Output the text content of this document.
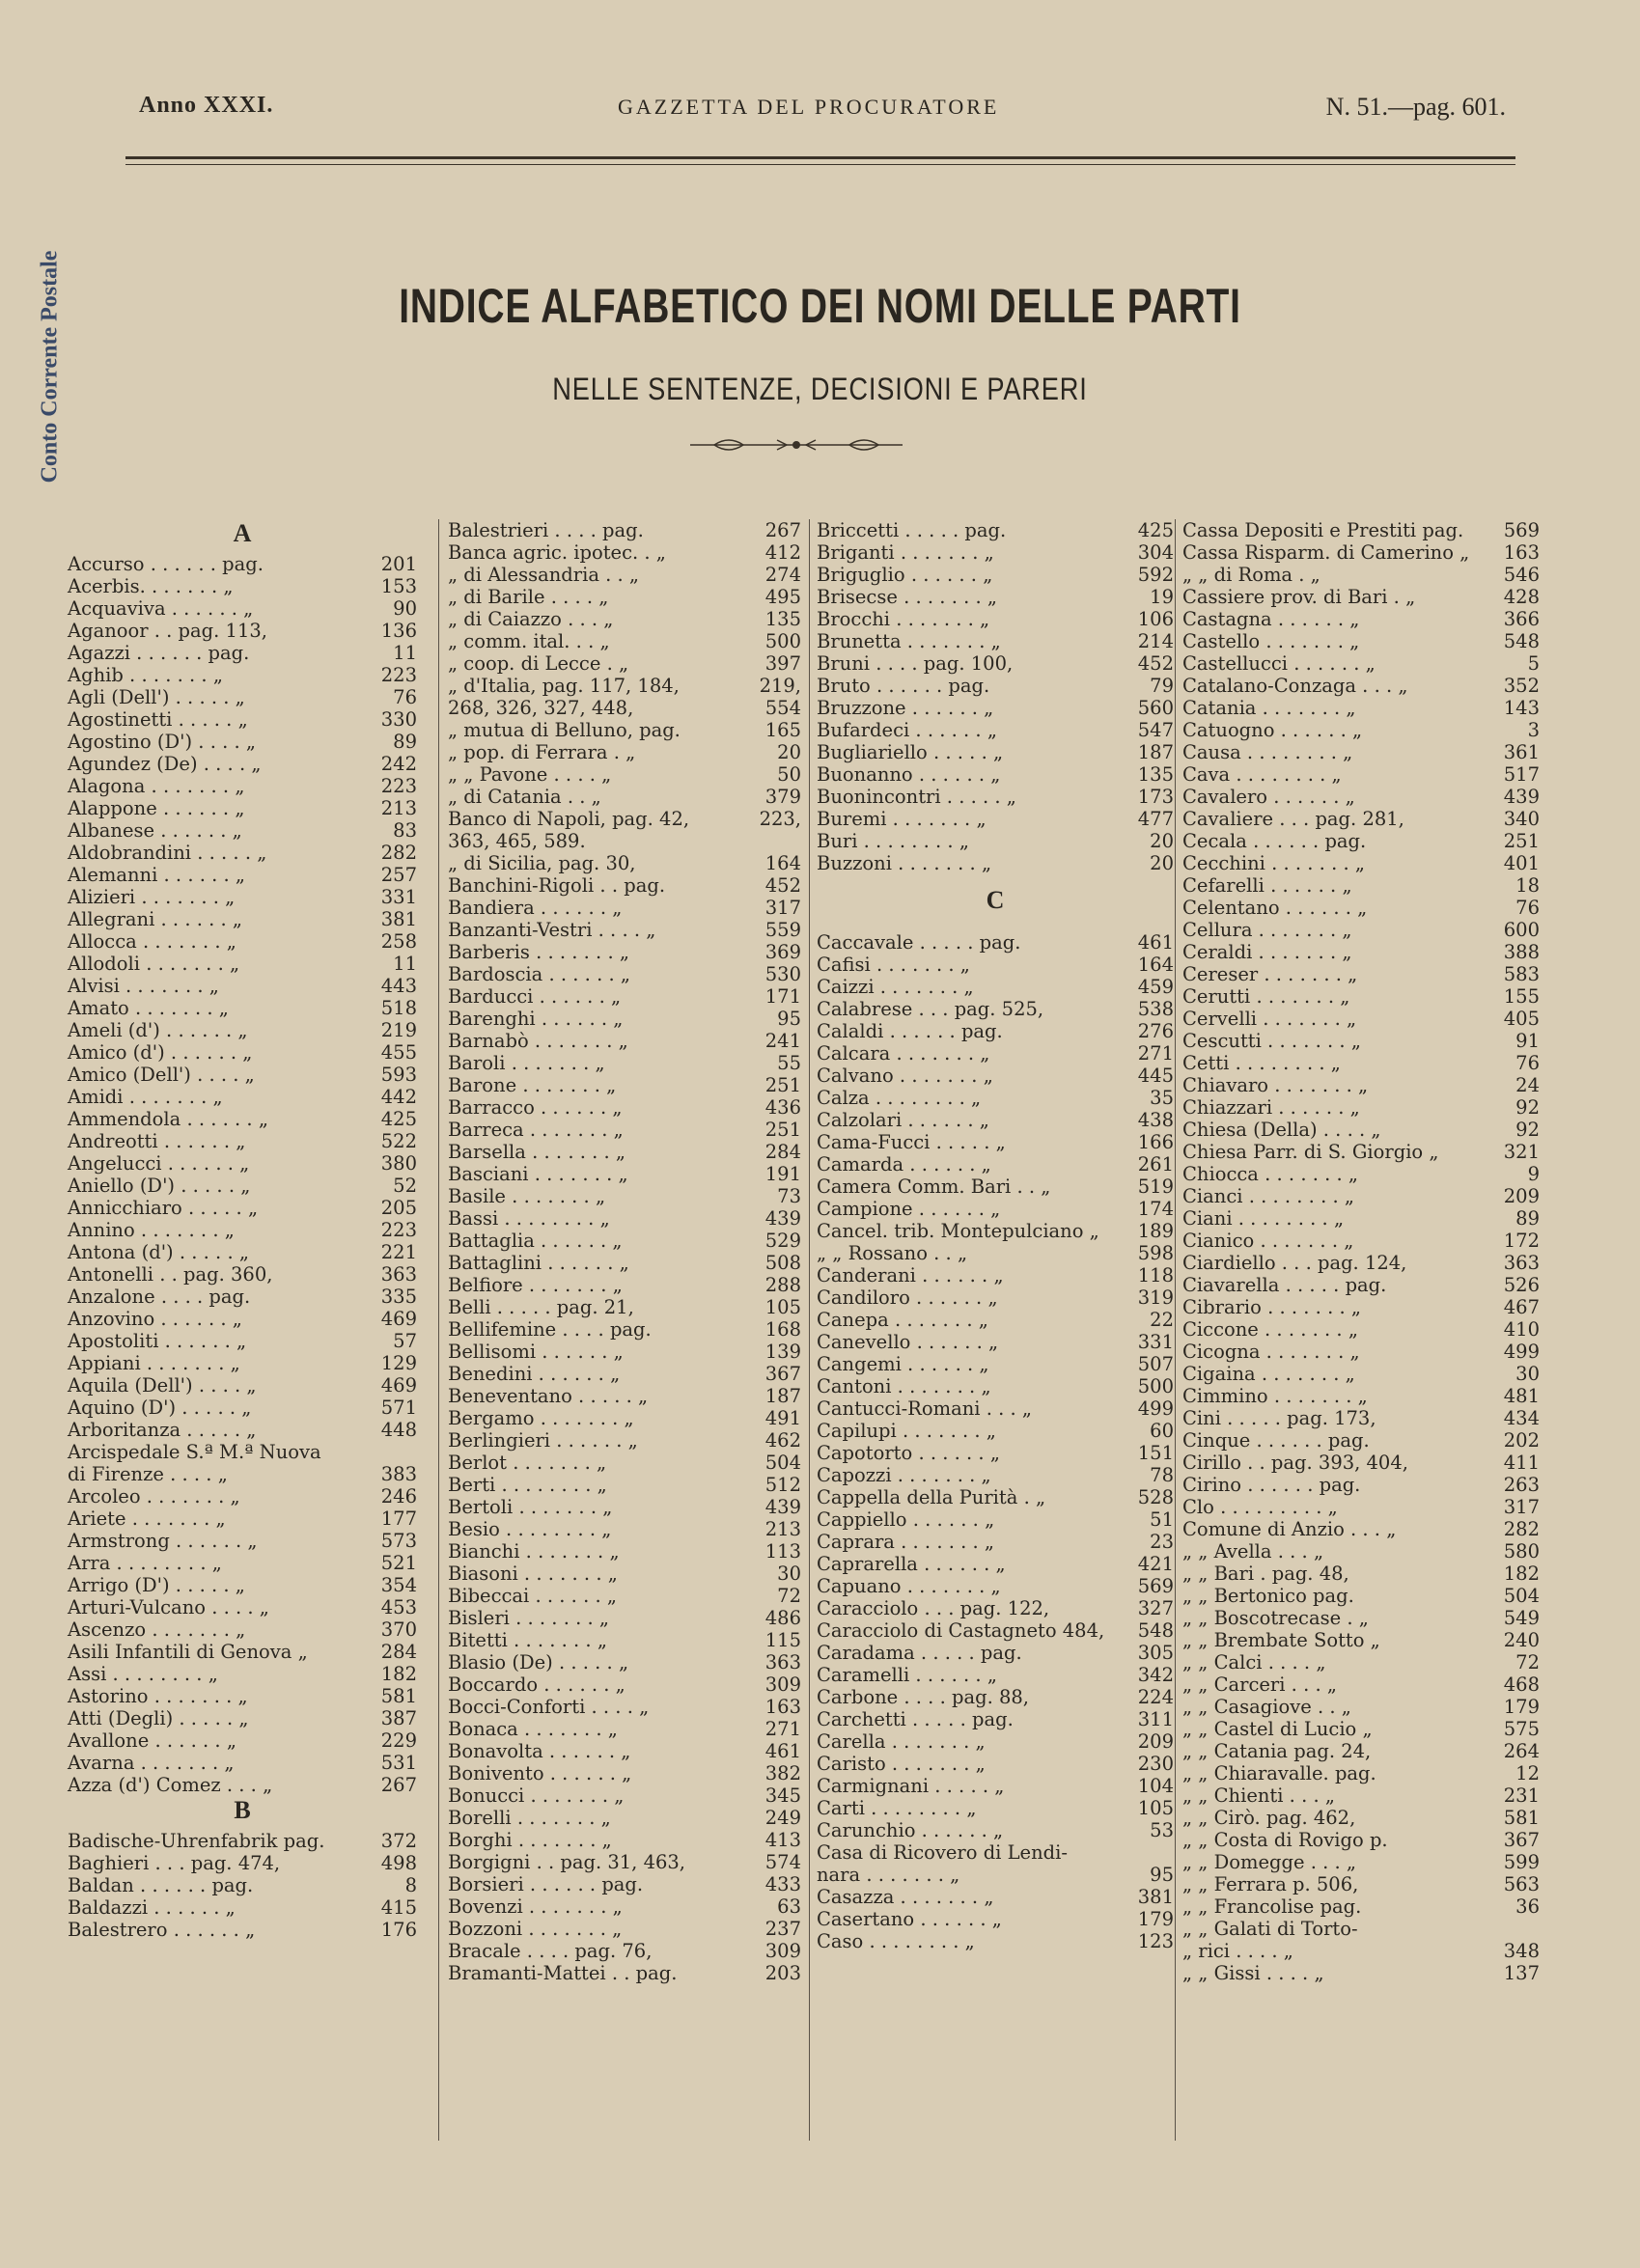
Anno XXXI.	GAZZETTA DEL PROCURATORE	N. 51.—pag. 601.
Conto Corrente Postale	INDICE ALFABETICO DEI NOMI DELLE PARTI
NELLE SENTENZE, DECISIONI E PARERI
A
Accurso . . . . . . pag.	201
Acerbis. . . . . . . „	153
Acquaviva . . . . . . „	90
Aganoor . . pag. 113,	136
Agazzi . . . . . . pag.	11
Aghib . . . . . . . „	223
Agli (Dell') . . . . . „	76
Agostinetti . . . . . „	330
Agostino (D') . . . . „	89
Agundez (De) . . . . „	242
Alagona . . . . . . . „	223
Alappone . . . . . . „	213
Albanese . . . . . . „	83
Aldobrandini . . . . . „	282
Alemanni . . . . . . „	257
Alizieri . . . . . . . „	331
Allegrani . . . . . . „	381
Allocca . . . . . . . „	258
Allodoli . . . . . . . „	11
Alvisi . . . . . . . „	443
Amato . . . . . . . „	518
Ameli (d') . . . . . . „	219
Amico (d') . . . . . . „	455
Amico (Dell') . . . . „	593
Amidi . . . . . . . „	442
Ammendola . . . . . . „	425
Andreotti . . . . . . „	522
Angelucci . . . . . . „	380
Aniello (D') . . . . . „	52
Annicchiaro . . . . . „	205
Annino . . . . . . . „	223
Antona (d') . . . . . „	221
Antonelli . . pag. 360,	363
Anzalone . . . . pag.	335
Anzovino . . . . . . „	469
Apostoliti . . . . . . „	57
Appiani . . . . . . . „	129
Aquila (Dell') . . . . „	469
Aquino (D') . . . . . „	571
Arboritanza . . . . . „	448
Arcispedale S.ª M.ª Nuova
di Firenze . . . . „	383
Arcoleo . . . . . . . „	246
Ariete . . . . . . . „	177
Armstrong . . . . . . „	573
Arra . . . . . . . . „	521
Arrigo (D') . . . . . „	354
Arturi-Vulcano . . . . „	453
Ascenzo . . . . . . . „	370
Asili Infantili di Genova „	284
Assi . . . . . . . . „	182
Astorino . . . . . . . „	581
Atti (Degli) . . . . . „	387
Avallone . . . . . . „	229
Avarna . . . . . . . „	531
Azza (d') Comez . . . „	267
B
Badische-Uhrenfabrik pag.	372
Baghieri . . . pag. 474,	498
Baldan . . . . . . pag.	8
Baldazzi . . . . . . „	415
Balestrero . . . . . . „	176
Balestrieri . . . . pag.	267
Banca agric. ipotec. . „	412
„ di Alessandria . . „	274
„ di Barile . . . . „	495
„ di Caiazzo . . . „	135
„ comm. ital. . . „	500
„ coop. di Lecce . „	397
„ d'Italia, pag. 117, 184,	219,
268, 326, 327, 448,	554
„ mutua di Belluno, pag.	165
„ pop. di Ferrara . „	20
„ „ Pavone . . . . „	50
„ di Catania . . „	379
Banco di Napoli, pag. 42,	223,
363, 465, 589.
„ di Sicilia, pag. 30,	164
Banchini-Rigoli . . pag.	452
Bandiera . . . . . . „	317
Banzanti-Vestri . . . . „	559
Barberis . . . . . . . „	369
Bardoscia . . . . . . „	530
Barducci . . . . . . „	171
Barenghi . . . . . . „	95
Barnabò . . . . . . . „	241
Baroli . . . . . . . „	55
Barone . . . . . . . „	251
Barracco . . . . . . „	436
Barreca . . . . . . . „	251
Barsella . . . . . . . „	284
Basciani . . . . . . . „	191
Basile . . . . . . . „	73
Bassi . . . . . . . . „	439
Battaglia . . . . . . „	529
Battaglini . . . . . . „	508
Belfiore . . . . . . . „	288
Belli . . . . . pag. 21,	105
Bellifemine . . . . pag.	168
Bellisomi . . . . . . „	139
Benedini . . . . . . „	367
Beneventano . . . . . „	187
Bergamo . . . . . . . „	491
Berlingieri . . . . . . „	462
Berlot . . . . . . . „	504
Berti . . . . . . . . „	512
Bertoli . . . . . . . „	439
Besio . . . . . . . . „	213
Bianchi . . . . . . . „	113
Biasoni . . . . . . . „	30
Bibeccai . . . . . . „	72
Bisleri . . . . . . . „	486
Bitetti . . . . . . . „	115
Blasio (De) . . . . . „	363
Boccardo . . . . . . „	309
Bocci-Conforti . . . . „	163
Bonaca . . . . . . . „	271
Bonavolta . . . . . . „	461
Bonivento . . . . . . „	382
Bonucci . . . . . . . „	345
Borelli . . . . . . . „	249
Borghi . . . . . . . „	413
Borgigni . . pag. 31, 463,	574
Borsieri . . . . . . pag.	433
Bovenzi . . . . . . . „	63
Bozzoni . . . . . . . „	237
Bracale . . . . pag. 76,	309
Bramanti-Mattei . . pag.	203
Briccetti . . . . . pag.	425
Briganti . . . . . . . „	304
Briguglio . . . . . . „	592
Brisecse . . . . . . . „	19
Brocchi . . . . . . . „	106
Brunetta . . . . . . . „	214
Bruni . . . . pag. 100,	452
Bruto . . . . . . pag.	79
Bruzzone . . . . . . „	560
Bufardeci . . . . . . „	547
Bugliariello . . . . . „	187
Buonanno . . . . . . „	135
Buonincontri . . . . . „	173
Buremi . . . . . . . „	477
Buri . . . . . . . . „	20
Buzzoni . . . . . . . „	20
C
Caccavale . . . . . pag.	461
Cafisi . . . . . . . „	164
Caizzi . . . . . . . „	459
Calabrese . . . pag. 525,	538
Calaldi . . . . . . pag.	276
Calcara . . . . . . . „	271
Calvano . . . . . . . „	445
Calza . . . . . . . . „	35
Calzolari . . . . . . „	438
Cama-Fucci . . . . . „	166
Camarda . . . . . . „	261
Camera Comm. Bari . . „	519
Campione . . . . . . „	174
Cancel. trib. Montepulciano „ 189
„ „ Rossano . . „	598
Canderani . . . . . . „	118
Candiloro . . . . . . „	319
Canepa . . . . . . . „	22
Canevello . . . . . . „	331
Cangemi . . . . . . „	507
Cantoni . . . . . . . „	500
Cantucci-Romani . . . „	499
Capilupi . . . . . . . „	60
Capotorto . . . . . . „	151
Capozzi . . . . . . . „	78
Cappella della Purità . „	528
Cappiello . . . . . . „	51
Caprara . . . . . . . „	23
Caprarella . . . . . . „	421
Capuano . . . . . . . „	569
Caracciolo . . . pag. 122,	327
Caracciolo di Castagneto 484, 548
Caradama . . . . . pag.	305
Caramelli . . . . . . „	342
Carbone . . . . pag. 88,	224
Carchetti . . . . . pag.	311
Carella . . . . . . . „	209
Caristo . . . . . . . „	230
Carmignani . . . . . „	104
Carti . . . . . . . . „	105
Carunchio . . . . . . „	53
Casa di Ricovero di Lendi-
nara . . . . . . . „	95
Casazza . . . . . . . „	381
Casertano . . . . . . „	179
Caso . . . . . . . . „	123
Cassa Depositi e Prestiti pag. 569
Cassa Risparm. di Camerino „ 163
„ „ di Roma . „	546
Cassiere prov. di Bari . „	428
Castagna . . . . . . „	366
Castello . . . . . . . „	548
Castellucci . . . . . . „	5
Catalano-Conzaga . . . „	352
Catania . . . . . . . „	143
Catuogno . . . . . . „	3
Causa . . . . . . . . „	361
Cava . . . . . . . . „	517
Cavalero . . . . . . „	439
Cavaliere . . . pag. 281,	340
Cecala . . . . . . pag.	251
Cecchini . . . . . . . „	401
Cefarelli . . . . . . „	18
Celentano . . . . . . „	76
Cellura . . . . . . . „	600
Ceraldi . . . . . . . „	388
Cereser . . . . . . . „	583
Cerutti . . . . . . . „	155
Cervelli . . . . . . . „	405
Cescutti . . . . . . . „	91
Cetti . . . . . . . . „	76
Chiavaro . . . . . . . „	24
Chiazzari . . . . . . „	92
Chiesa (Della) . . . . „	92
Chiesa Parr. di S. Giorgio „	321
Chiocca . . . . . . . „	9
Cianci . . . . . . . . „	209
Ciani . . . . . . . . „	89
Cianico . . . . . . . „	172
Ciardiello . . . pag. 124,	363
Ciavarella . . . . . pag.	526
Cibrario . . . . . . . „	467
Ciccone . . . . . . . „	410
Cicogna . . . . . . . „	499
Cigaina . . . . . . . „	30
Cimmino . . . . . . . „	481
Cini . . . . . pag. 173,	434
Cinque . . . . . . pag.	202
Cirillo . . pag. 393, 404,	411
Cirino . . . . . . pag.	263
Clo . . . . . . . . . „	317
Comune di Anzio . . . „	282
„ „ Avella . . . „	580
„ „ Bari . pag. 48,	182
„ „ Bertonico pag.	504
„ „ Boscotrecase . „	549
„ „ Brembate Sotto „	240
„ „ Calci . . . . „	72
„ „ Carceri . . . „	468
„ „ Casagiove . . „	179
„ „ Castel di Lucio „	575
„ „ Catania pag. 24,	264
„ „ Chiaravalle. pag.	12
„ „ Chienti . . . „	231
„ „ Cirò. pag. 462,	581
„ „ Costa di Rovigo p.	367
„ „ Domegge . . . „	599
„ „ Ferrara p. 506,	563
„ „ Francolise pag.	36
„ „ Galati di Torto-
„ rici . . . . „	348
„ „ Gissi . . . . „	137
